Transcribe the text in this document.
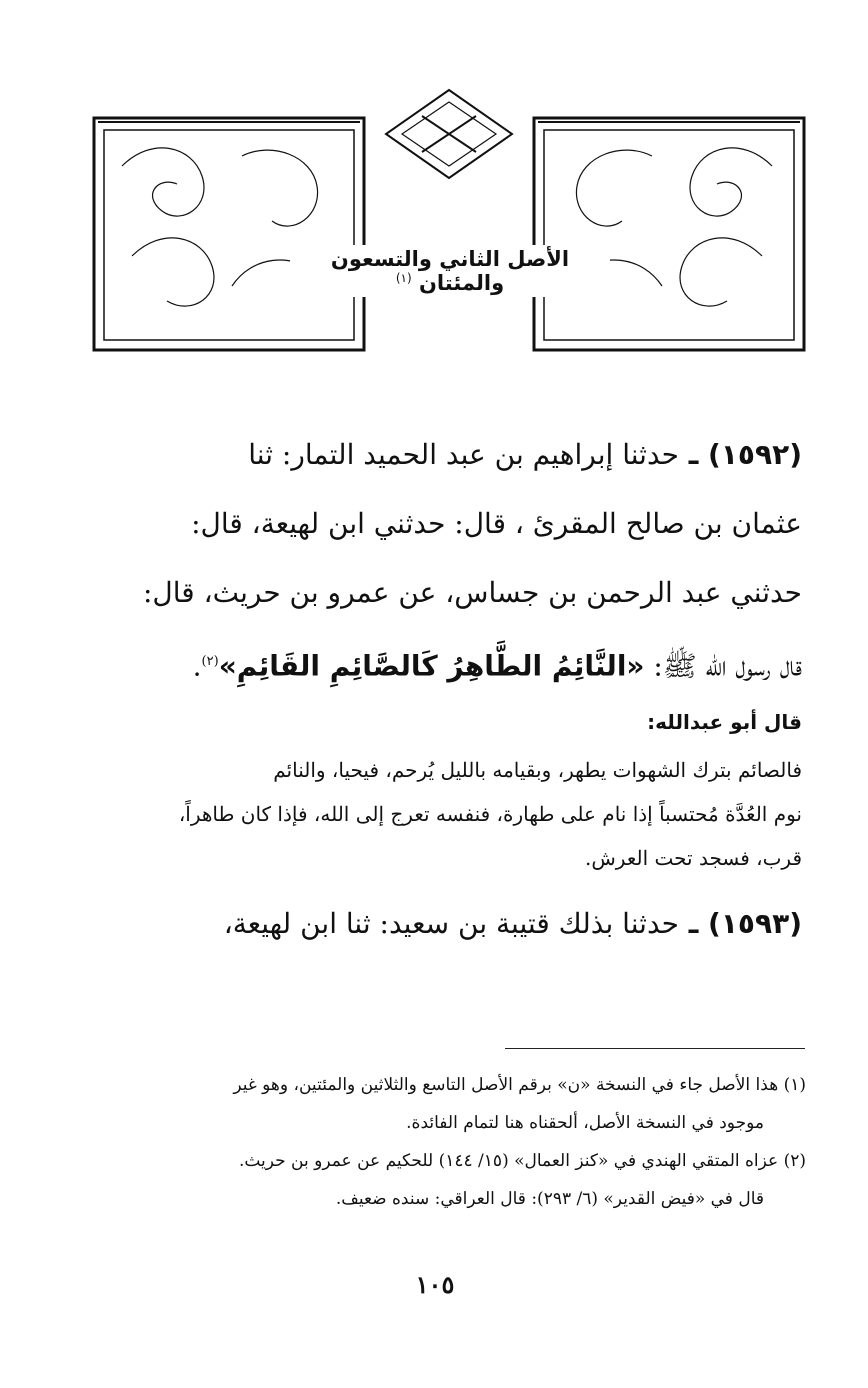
الأصل الثاني والتسعون والمئتان $^{(١)}$

(١٥٩٢) ـ حدثنا إبراهيم بن عبد الحميد التمار: ثنا
عثمان بن صالح المقرئ ، قال: حدثني ابن لهيعة، قال:
حدثني عبد الرحمن بن جساس، عن عمرو بن حريث، قال:
قال رسول الله ﷺ: «النَّائِمُ الطَّاهِرُ كَالصَّائِمِ القَائِمِ»$^{(٢)}$.

قال أبو عبدالله:

فالصائم بترك الشهوات يطهر، وبقيامه بالليل يُرحم، فيحيا، والنائم
نوم العُدَّة مُحتسباً إذا نام على طهارة، فنفسه تعرج إلى الله، فإذا كان طاهراً،
قرب، فسجد تحت العرش.

(١٥٩٣) ـ حدثنا بذلك قتيبة بن سعيد: ثنا ابن لهيعة،

(١) هذا الأصل جاء في النسخة «ن» برقم الأصل التاسع والثلاثين والمئتين، وهو غير

موجود في النسخة الأصل، ألحقناه هنا لتمام الفائدة.

(٢) عزاه المتقي الهندي في «كنز العمال» (١٥/ ١٤٤) للحكيم عن عمرو بن حريث.

قال في «فيض القدير» (٦/ ٢٩٣): قال العراقي: سنده ضعيف.

١٠٥
